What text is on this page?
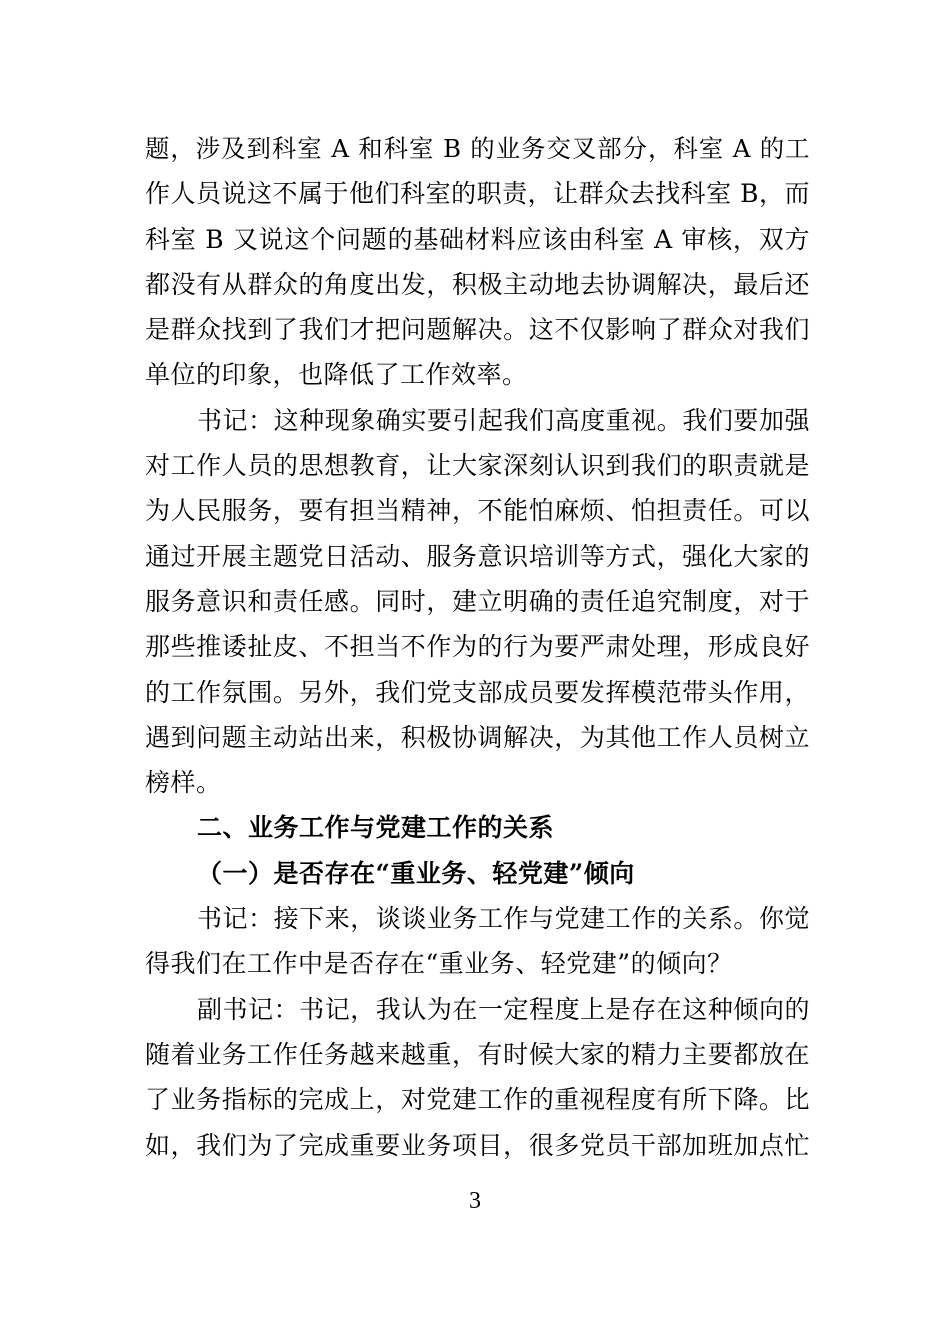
题，涉及到科室 A 和科室 B 的业务交叉部分，科室 A 的工
作人员说这不属于他们科室的职责，让群众去找科室 B，而
科室 B 又说这个问题的基础材料应该由科室 A 审核，双方
都没有从群众的角度出发，积极主动地去协调解决，最后还
是群众找到了我们才把问题解决。这不仅影响了群众对我们
单位的印象，也降低了工作效率。
书记：这种现象确实要引起我们高度重视。我们要加强
对工作人员的思想教育，让大家深刻认识到我们的职责就是
为人民服务，要有担当精神，不能怕麻烦、怕担责任。可以
通过开展主题党日活动、服务意识培训等方式，强化大家的
服务意识和责任感。同时，建立明确的责任追究制度，对于
那些推诿扯皮、不担当不作为的行为要严肃处理，形成良好
的工作氛围。另外，我们党支部成员要发挥模范带头作用，
遇到问题主动站出来，积极协调解决，为其他工作人员树立
榜样。
二、业务工作与党建工作的关系
（一）是否存在“重业务、轻党建”倾向
书记：接下来，谈谈业务工作与党建工作的关系。你觉
得我们在工作中是否存在“重业务、轻党建”的倾向？
副书记：书记，我认为在一定程度上是存在这种倾向的
随着业务工作任务越来越重，有时候大家的精力主要都放在
了业务指标的完成上，对党建工作的重视程度有所下降。比
如，我们为了完成重要业务项目，很多党员干部加班加点忙
3
